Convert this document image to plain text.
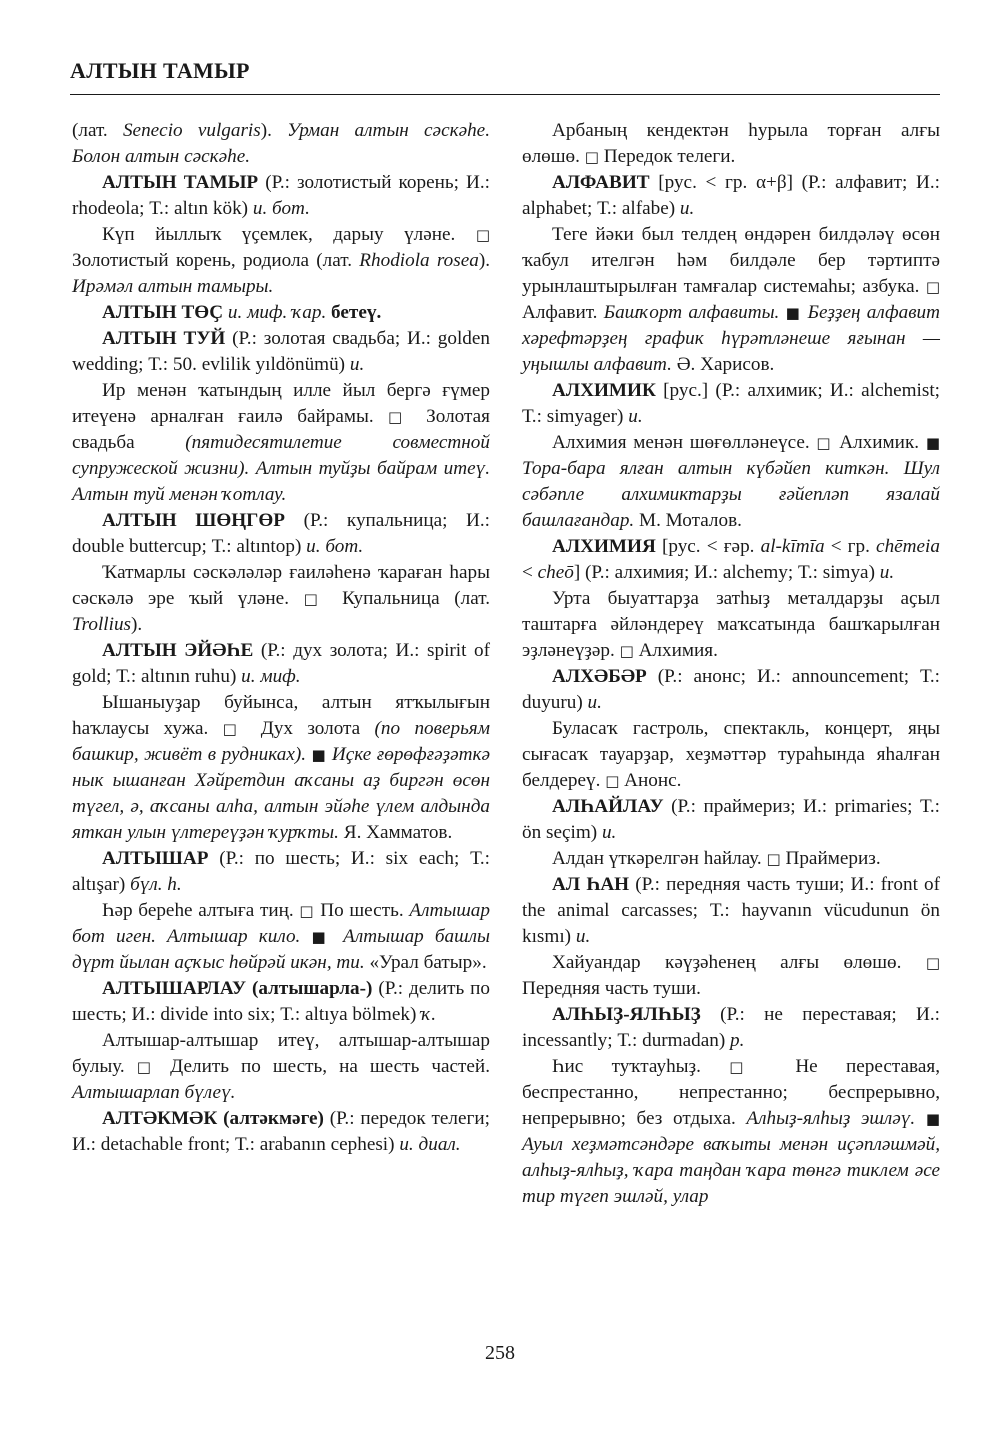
АЛТЫН ТАМЫР

(лат. Senecio vulgaris). Урман алтын сәскәһе. Болон алтын сәскәһе.

АЛТЫН ТАМЫР (Р.: золотистый корень; И.: rhodeola; Т.: altın kök) и. бот.

Күп йыллыҡ үҫемлек, дарыу үләне. □ Золотистый корень, родиола (лат. Rhodiola rosea). Ирәмәл алтын тамыры.

АЛТЫН ТӨҪ и. миф. ҡар. бетеү.

АЛТЫН ТУЙ (Р.: золотая свадьба; И.: golden wedding; Т.: 50. evlilik yıldönümü) и.

Ир менән ҡатындың илле йыл бергә ғүмер итеүенә арналған ғаилә байрамы. □ Золотая свадьба (пятидесятилетие совместной супружеской жизни). Алтын туйҙы байрам итеү. Алтын туй менән ҡотлау.

АЛТЫН ШӨҢГӨР (Р.: купальница; И.: double buttercup; Т.: altıntop) и. бот.

Ҡатмарлы сәскәләләр ғаиләһенә ҡараған һары сәскәлә эре ҡый үләне. □ Купальница (лат. Trollius).

АЛТЫН ЭЙӘҺЕ (Р.: дух золота; И.: spirit of gold; Т.: altının ruhu) и. миф.

Ышаныуҙар буйынса, алтын ятҡылығын һаҡлаусы хужа. □ Дух золота (по поверьям башкир, живёт в рудниках). ■ Иҫке ғөрөфғәҙәткә нык ышанған Хәйретдин аҡсаны аҙ биргән өсөн түгел, ә, аҡсаны алһа, алтын эйәһе үлем алдында яткан улын үлтереүҙән ҡурҡты. Я. Хамматов.

АЛТЫШАР (Р.: по шесть; И.: six each; Т.: altışar) бүл. һ.

Һәр береһе алтыға тиң. □ По шесть. Алтышар бот иген. Алтышар кило. ■ Алтышар башлы дүрт йылан аҫҡыс һөйрәй икән, ти. «Урал батыр».

АЛТЫШАРЛАУ (алтышарла-) (Р.: делить по шесть; И.: divide into six; Т.: altıya bölmek) ҡ.

Алтышар-алтышар итеү, алтышар-алтышар булыу. □ Делить по шесть, на шесть частей. Алтышарлап бүлеү.

АЛТӘКМӘК (алтәкмәге) (Р.: передок телеги; И.: detachable front; Т.: arabanın cephesi) и. диал.

Арбаның кендектән һурыла торған алғы өлөшө. □ Передок телеги.

АЛФАВИТ [рус. < гр. α+β] (Р.: алфавит; И.: alphabet; Т.: alfabe) и.

Теге йәки был телдең өндәрен билдәләү өсөн ҡабул ителгән һәм билдәле бер тәртиптә урынлаштырылған тамғалар системаһы; азбука. □ Алфавит. Башҡорт алфавиты. ■ Беҙҙең алфавит хәрефтәрҙең график һүрәтләнеше яғынан — уңышлы алфавит. Ә. Харисов.

АЛХИМИК [рус.] (Р.: алхимик; И.: alchemist; Т.: simyager) и.

Алхимия менән шөғөлләнеүсе. □ Алхимик. ■ Тора-бара ялған алтын күбәйеп киткән. Шул сәбәпле алхимиктарҙы ғәйепләп язалай башлағандар. М. Моталов.

АЛХИМИЯ [рус. < ғәр. al-kīmīa < гр. chēmeia < cheō] (Р.: алхимия; И.: alchemy; Т.: simya) и.

Урта быуаттарҙа затһыҙ металдарҙы аҫыл таштарға әйләндереү маҡсатында башҡарылған эҙләнеүҙәр. □ Алхимия.

АЛХӘБӘР (Р.: анонс; И.: announcement; Т.: duyuru) и.

Буласаҡ гастроль, спектакль, концерт, яңы сығасаҡ тауарҙар, хеҙмәттәр тураһында яһалған белдереү. □ Анонс.

АЛҺАЙЛАУ (Р.: праймериз; И.: primaries; Т.: ön seçim) и.

Алдан үткәрелгән һайлау. □ Праймериз.

АЛ ҺАН (Р.: передняя часть туши; И.: front of the animal carcasses; Т.: hayvanın vücudunun ön kısmı) и.

Хайуандар кәүҙәһенең алғы өлөшө. □ Передняя часть туши.

АЛҺЫҘ-ЯЛҺЫҘ (Р.: не переставая; И.: incessantly; Т.: durmadan) р.

Һис туҡтауһыҙ. □ Не переставая, беспрестанно, непрестанно; беспрерывно, непрерывно; без отдыха. Алһыҙ-ялһыҙ эшләү. ■ Ауыл хеҙмәтсәндәре ваҡыты менән иҫәпләшмәй, алһыҙ-ялһыҙ, ҡара таңдан ҡара төнгә тиклем әсе тир түгеп эшләй, улар

258
